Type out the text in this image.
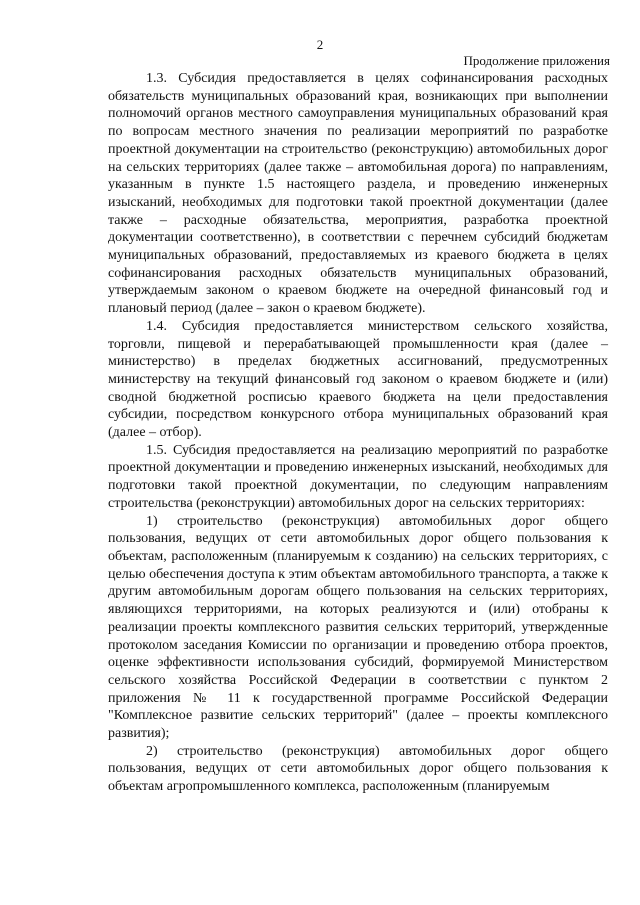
2
Продолжение приложения

1.3. Субсидия предоставляется в целях софинансирования расходных обязательств муниципальных образований края, возникающих при выполнении полномочий органов местного самоуправления муниципальных образований края по вопросам местного значения по реализации мероприятий по разработке проектной документации на строительство (реконструкцию) автомобильных дорог на сельских территориях (далее также – автомобильная дорога) по направлениям, указанным в пункте 1.5 настоящего раздела, и проведению инженерных изысканий, необходимых для подготовки такой проектной документации (далее также – расходные обязательства, мероприятия, разработка проектной документации соответственно), в соответствии с перечнем субсидий бюджетам муниципальных образований, предоставляемых из краевого бюджета в целях софинансирования расходных обязательств муниципальных образований, утверждаемым законом о краевом бюджете на очередной финансовый год и плановый период (далее – закон о краевом бюджете).

1.4. Субсидия предоставляется министерством сельского хозяйства, торговли, пищевой и перерабатывающей промышленности края (далее – министерство) в пределах бюджетных ассигнований, предусмотренных министерству на текущий финансовый год законом о краевом бюджете и (или) сводной бюджетной росписью краевого бюджета на цели предоставления субсидии, посредством конкурсного отбора муниципальных образований края (далее – отбор).

1.5. Субсидия предоставляется на реализацию мероприятий по разработке проектной документации и проведению инженерных изысканий, необходимых для подготовки такой проектной документации, по следующим направлениям строительства (реконструкции) автомобильных дорог на сельских территориях:

1) строительство (реконструкция) автомобильных дорог общего пользования, ведущих от сети автомобильных дорог общего пользования к объектам, расположенным (планируемым к созданию) на сельских территориях, с целью обеспечения доступа к этим объектам автомобильного транспорта, а также к другим автомобильным дорогам общего пользования на сельских территориях, являющихся территориями, на которых реализуются и (или) отобраны к реализации проекты комплексного развития сельских территорий, утвержденные протоколом заседания Комиссии по организации и проведению отбора проектов, оценке эффективности использования субсидий, формируемой Министерством сельского хозяйства Российской Федерации в соответствии с пунктом 2 приложения № 11 к государственной программе Российской Федерации "Комплексное развитие сельских территорий" (далее – проекты комплексного развития);

2) строительство (реконструкция) автомобильных дорог общего пользования, ведущих от сети автомобильных дорог общего пользования к объектам агропромышленного комплекса, расположенным (планируемым
